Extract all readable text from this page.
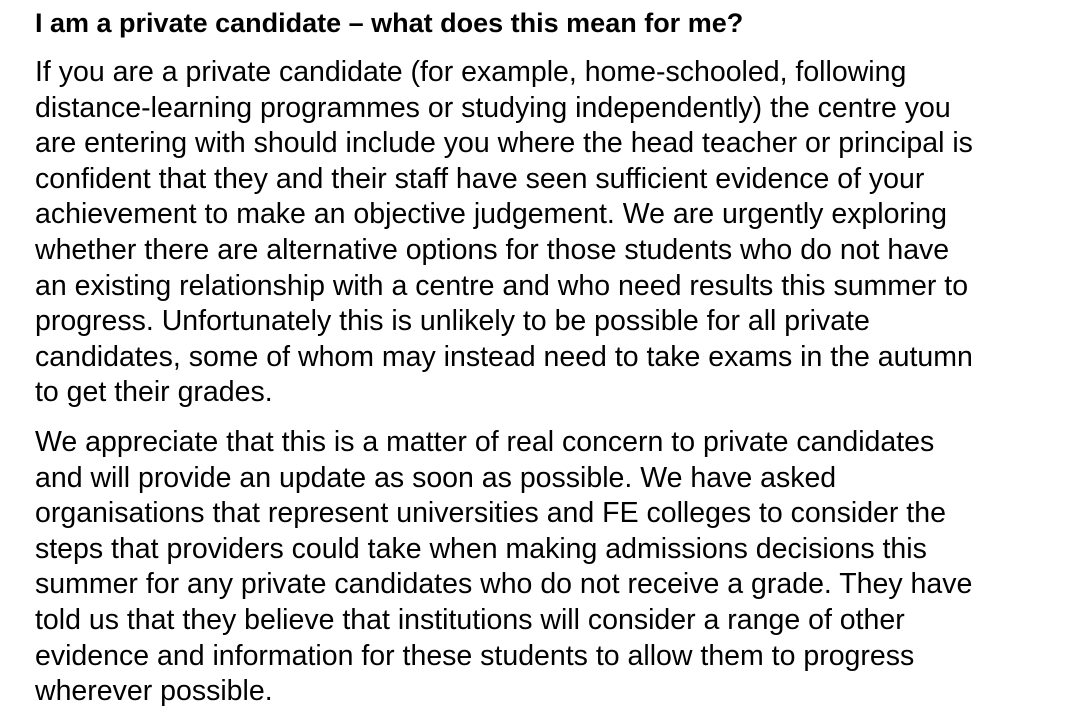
I am a private candidate – what does this mean for me?

If you are a private candidate (for example, home-schooled, following
distance-learning programmes or studying independently) the centre you
are entering with should include you where the head teacher or principal is
confident that they and their staff have seen sufficient evidence of your
achievement to make an objective judgement. We are urgently exploring
whether there are alternative options for those students who do not have
an existing relationship with a centre and who need results this summer to
progress. Unfortunately this is unlikely to be possible for all private
candidates, some of whom may instead need to take exams in the autumn
to get their grades.

We appreciate that this is a matter of real concern to private candidates
and will provide an update as soon as possible. We have asked
organisations that represent universities and FE colleges to consider the
steps that providers could take when making admissions decisions this
summer for any private candidates who do not receive a grade. They have
told us that they believe that institutions will consider a range of other
evidence and information for these students to allow them to progress
wherever possible.
